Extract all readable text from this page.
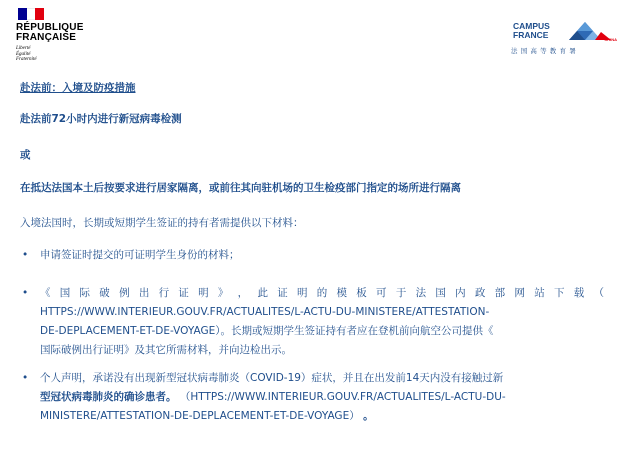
RÉPUBLIQUE
FRANÇAISE
Liberté
Égalité
Fraternité
CAMPUS
FRANCE	CHINA
法国高等教育署
赴法前：入境及防疫措施
赴法前72小时内进行新冠病毒检测
或
在抵达法国本土后按要求进行居家隔离，或前往其向驻机场的卫生检疫部门指定的场所进行隔离
入境法国时，长期或短期学生签证的持有者需提供以下材料：
• 申请签证时提交的可证明学生身份的材料；
• 《 国 际 破 例 出 行 证 明 》 ， 此 证 明 的 模 板 可 于 法 国 内 政 部 网 站 下 载 （
HTTPS://WWW.INTERIEUR.GOUV.FR/ACTUALITES/L-ACTU-DU-MINISTERE/ATTESTATION-
DE-DEPLACEMENT-ET-DE-VOYAGE）。长期或短期学生签证持有者应在登机前向航空公司提供《
国际破例出行证明》及其它所需材料，并向边检出示。
• 个人声明，承诺没有出现新型冠状病毒肺炎（COVID-19）症状，并且在出发前14天内没有接触过新
型冠状病毒肺炎的确诊患者。 （HTTPS://WWW.INTERIEUR.GOUV.FR/ACTUALITES/L-ACTU-DU-
MINISTERE/ATTESTATION-DE-DEPLACEMENT-ET-DE-VOYAGE） 。
